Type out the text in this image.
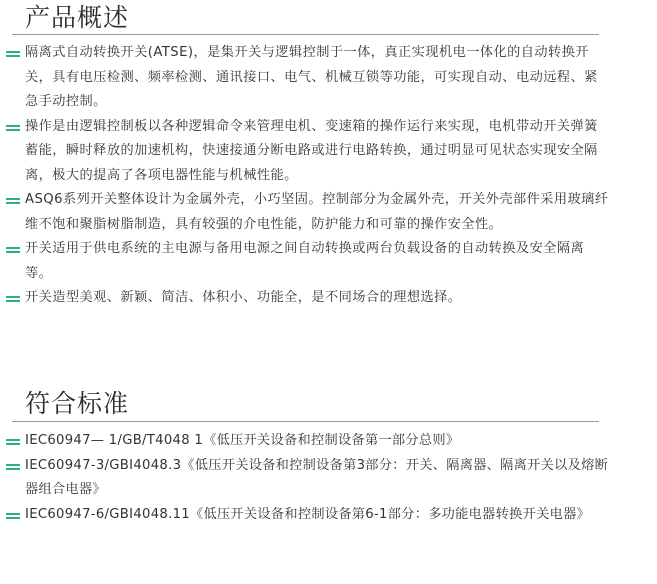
产品概述
隔离式自动转换开关(ATSE)，是集开关与逻辑控制于一体，真正实现机电一体化的自动转换开关，具有电压检测、频率检测、通讯接口、电气、机械互锁等功能，可实现自动、电动远程、紧急手动控制。
操作是由逻辑控制板以各种逻辑命令来管理电机、变速箱的操作运行来实现，电机带动开关弹簧蓄能，瞬时释放的加速机构，快速接通分断电路或进行电路转换，通过明显可见状态实现安全隔离，极大的提高了各项电器性能与机械性能。
ASQ6系列开关整体设计为金属外壳，小巧坚固。控制部分为金属外壳，开关外壳部件采用玻璃纤维不饱和聚脂树脂制造，具有较强的介电性能，防护能力和可靠的操作安全性。
开关适用于供电系统的主电源与备用电源之间自动转换或两台负载设备的自动转换及安全隔离等。
开关造型美观、新颖、简洁、体积小、功能全，是不同场合的理想选择。
符合标准
IEC60947— 1/GB/T4048 1《低压开关设备和控制设备第一部分总则》
IEC60947-3/GBI4048.3《低压开关设备和控制设备第3部分：开关、隔离器、隔离开关以及熔断器组合电器》
IEC60947-6/GBI4048.11《低压开关设备和控制设备第6-1部分：多功能电器转换开关电器》
